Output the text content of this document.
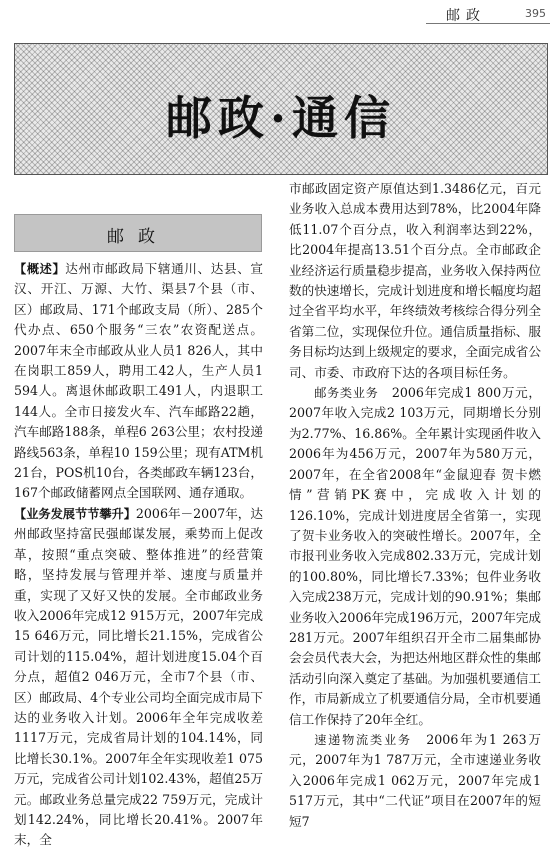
邮政	395
邮政·通信
邮政

【概述】达州市邮政局下辖通川、达县、宣汉、开江、万源、大竹、渠县7个县（市、区）邮政局、171个邮政支局（所）、285个代办点、650个服务“三农”农资配送点。2007年末全市邮政从业人员1 826人，其中在岗职工859人，聘用工42人，生产人员1 594人。离退休邮政职工491人，内退职工144人。全市日接发火车、汽车邮路22趟，汽车邮路188条，单程6 263公里；农村投递路线563条，单程10 159公里；现有ATM机21台，POS机10台，各类邮政车辆123台，167个邮政储蓄网点全国联网、通存通取。

【业务发展节节攀升】2006年－2007年，达州邮政坚持富民强邮谋发展，乘势而上促改革，按照“重点突破、整体推进”的经营策略，坚持发展与管理并举、速度与质量并重，实现了又好又快的发展。全市邮政业务收入2006年完成12 915万元，2007年完成15 646万元，同比增长21.15%，完成省公司计划的115.04%，超计划进度15.04个百分点，超值2 046万元，全市7个县（市、区）邮政局、4个专业公司均全面完成市局下达的业务收入计划。2006年全年完成收差1117万元，完成省局计划的104.14%，同比增长30.1%。2007年全年实现收差1 075万元，完成省公司计划102.43%，超值25万元。邮政业务总量完成22 759万元，完成计划142.24%，同比增长20.41%。2007年末，全

市邮政固定资产原值达到1.3486亿元，百元业务收入总成本费用达到78%，比2004年降低11.07个百分点，收入利润率达到22%，比2004年提高13.51个百分点。全市邮政企业经济运行质量稳步提高，业务收入保持两位数的快速增长，完成计划进度和增长幅度均超过全省平均水平，年终绩效考核综合得分列全省第二位，实现保位升位。通信质量指标、服务目标均达到上级规定的要求，全面完成省公司、市委、市政府下达的各项目标任务。

邮务类业务　 2006年完成1 800万元，2007年收入完成2 103万元，同期增长分别为2.77%、16.86%。全年累计实现函件收入2006年为456万元，2007年为580万元，2007年，在全省2008年“金鼠迎春 贺卡燃情”营销PK赛中，完成收入计划的126.10%，完成计划进度居全省第一，实现了贺卡业务收入的突破性增长。2007年，全市报刊业务收入完成802.33万元，完成计划的100.80%，同比增长7.33%；包件业务收入完成238万元，完成计划的90.91%；集邮业务收入2006年完成196万元，2007年完成281万元。2007年组织召开全市二届集邮协会会员代表大会，为把达州地区群众性的集邮活动引向深入奠定了基础。为加强机要通信工作，市局新成立了机要通信分局，全市机要通信工作保持了20年全红。

速递物流类业务　 2006年为1 263万元，2007年为1 787万元，全市速递业务收入2006年完成1 062万元，2007年完成1 517万元，其中“二代证”项目在2007年的短短7
